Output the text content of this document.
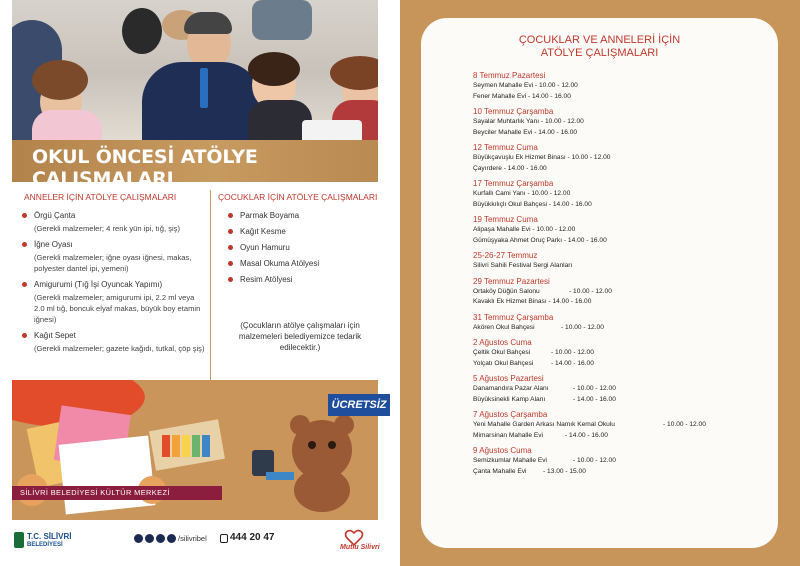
OKUL ÖNCESİ ATÖLYE ÇALIŞMALARI
ANNELER İÇİN ATÖLYE ÇALIŞMALARI	ÇOCUKLAR İÇİN ATÖLYE ÇALIŞMALARI
Örgü Çanta
(Gerekli malzemeler; 4 renk yün ipi, tığ, şiş)
İğne Oyası
(Gerekli malzemeler; iğne oyası iğnesi, makas, polyester dantel ipi, yemeni)
Amigurumi (Tığ İşi Oyuncak Yapımı)
(Gerekli malzemeler; amigurumi ipi, 2.2 ml veya 2.0 ml tığ, boncuk elyaf makas, büyük boy etamin iğnesi)
Kağıt Sepet
(Gerekli malzemeler; gazete kağıdı, tutkal, çöp şiş)
Parmak Boyama
Kağıt Kesme
Oyun Hamuru
Masal Okuma Atölyesi
Resim Atölyesi
(Çocukların atölye çalışmaları için malzemeleri belediyemizce tedarik edilecektir.)
ÜCRETSİZ
SİLİVRİ BELEDİYESİ KÜLTÜR MERKEZİ
T.C. SİLİVRİ
BELEDİYESİ
/silivribel 444 20 47
Mutlu Silivri
ÇOCUKLAR VE ANNELERİ İÇİN
ATÖLYE ÇALIŞMALARI
8 Temmuz Pazartesi
Seymen Mahalle Evi - 10.00 - 12.00
Fener Mahalle Evi - 14.00 - 16.00
10 Temmuz Çarşamba
Sayalar Muhtarlık Yanı - 10.00 - 12.00
Beyciler Mahalle Evi - 14.00 - 16.00
12 Temmuz Cuma
Büyükçavuşlu Ek Hizmet Binası - 10.00 - 12.00
Çayırdere - 14.00 - 16.00
17 Temmuz Çarşamba
Kurfallı Cami Yanı - 10.00 - 12.00
Büyükkılıçlı Okul Bahçesi - 14.00 - 16.00
19 Temmuz Cuma
Alipaşa Mahalle Evi - 10.00 - 12.00
Gümüşyaka Ahmet Oruç Parkı - 14.00 - 16.00
25-26-27 Temmuz
Silivri Sahili Festival Sergi Alanları
29 Temmuz Pazartesi
Ortaköy Düğün Salonu	- 10.00 - 12.00
Kavaklı Ek Hizmet Binası - 14.00 - 16.00
31 Temmuz Çarşamba
Akören Okul Bahçesi	- 10.00 - 12.00
2 Ağustos Cuma
Çeltik Okul Bahçesi	- 10.00 - 12.00
Yolçatı Okul Bahçesi	- 14.00 - 16.00
5 Ağustos Pazartesi
Danamandıra Pazar Alanı	- 10.00 - 12.00
Büyüksinekli Kamp Alanı	- 14.00 - 16.00
7 Ağustos Çarşamba
Yeni Mahalle Garden Arkası Namık Kemal Okulu	- 10.00 - 12.00
Mimarsinan Mahalle Evi	- 14.00 - 16.00
9 Ağustos Cuma
Semizkumlar Mahalle Evi	- 10.00 - 12.00
Çanta Mahalle Evi - 13.00 - 15.00
